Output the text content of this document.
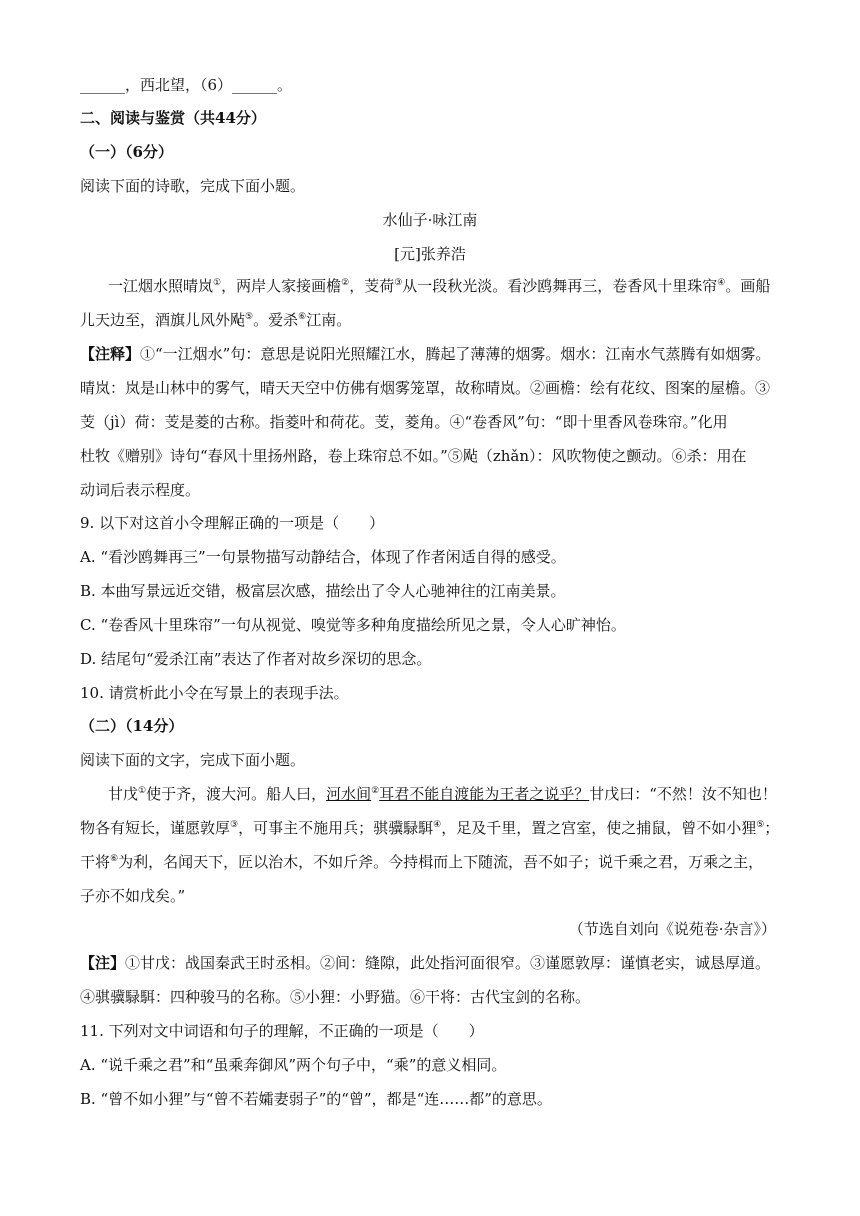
______，西北望，（6）______。
二、阅读与鉴赏（共44分）
（一）（6分）
阅读下面的诗歌，完成下面小题。
水仙子·咏江南
[元]张养浩
一江烟水照晴岚①，两岸人家接画檐②，芰荷③从一段秋光淡。看沙鸥舞再三，卷香风十里珠帘④。画船
儿天边至，酒旗儿风外飐⑤。爱杀⑥江南。
【注释】①“一江烟水”句：意思是说阳光照耀江水，腾起了薄薄的烟雾。烟水：江南水气蒸腾有如烟雾。
晴岚：岚是山林中的雾气，晴天天空中仿佛有烟雾笼罩，故称晴岚。②画檐：绘有花纹、图案的屋檐。③
芰（jì）荷：芰是菱的古称。指菱叶和荷花。芰，菱角。④“卷香风”句：“即十里香风卷珠帘。”化用
杜牧《赠别》诗句“春风十里扬州路，卷上珠帘总不如。”⑤飐（zhǎn）：风吹物使之颤动。⑥杀：用在
动词后表示程度。
9. 以下对这首小令理解正确的一项是（　　）
A. “看沙鸥舞再三”一句景物描写动静结合，体现了作者闲适自得的感受。
B. 本曲写景远近交错，极富层次感，描绘出了令人心驰神往的江南美景。
C. “卷香风十里珠帘”一句从视觉、嗅觉等多种角度描绘所见之景，令人心旷神怡。
D. 结尾句“爱杀江南”表达了作者对故乡深切的思念。
10. 请赏析此小令在写景上的表现手法。
（二）（14分）
阅读下面的文字，完成下面小题。
甘戊①使于齐，渡大河。船人曰，河水间②耳君不能自渡能为王者之说乎？甘戊曰：“不然！汝不知也！
物各有短长，谨愿敦厚③，可事主不施用兵；骐骥騄駬④，足及千里，置之宫室，使之捕鼠，曾不如小狸⑤；
干将⑥为利，名闻天下，匠以治木，不如斤斧。今持楫而上下随流，吾不如子；说千乘之君，万乘之主，
子亦不如戊矣。”
（节选自刘向《说苑卷·杂言》）
【注】①甘戊：战国秦武王时丞相。②间：缝隙，此处指河面很窄。③谨愿敦厚：谨慎老实，诚恳厚道。
④骐骥騄駬：四种骏马的名称。⑤小狸：小野猫。⑥干将：古代宝剑的名称。
11. 下列对文中词语和句子的理解，不正确的一项是（　　）
A. “说千乘之君”和“虽乘奔御风”两个句子中，“乘”的意义相同。
B. “曾不如小狸”与“曾不若孀妻弱子”的“曾”，都是“连……都”的意思。
